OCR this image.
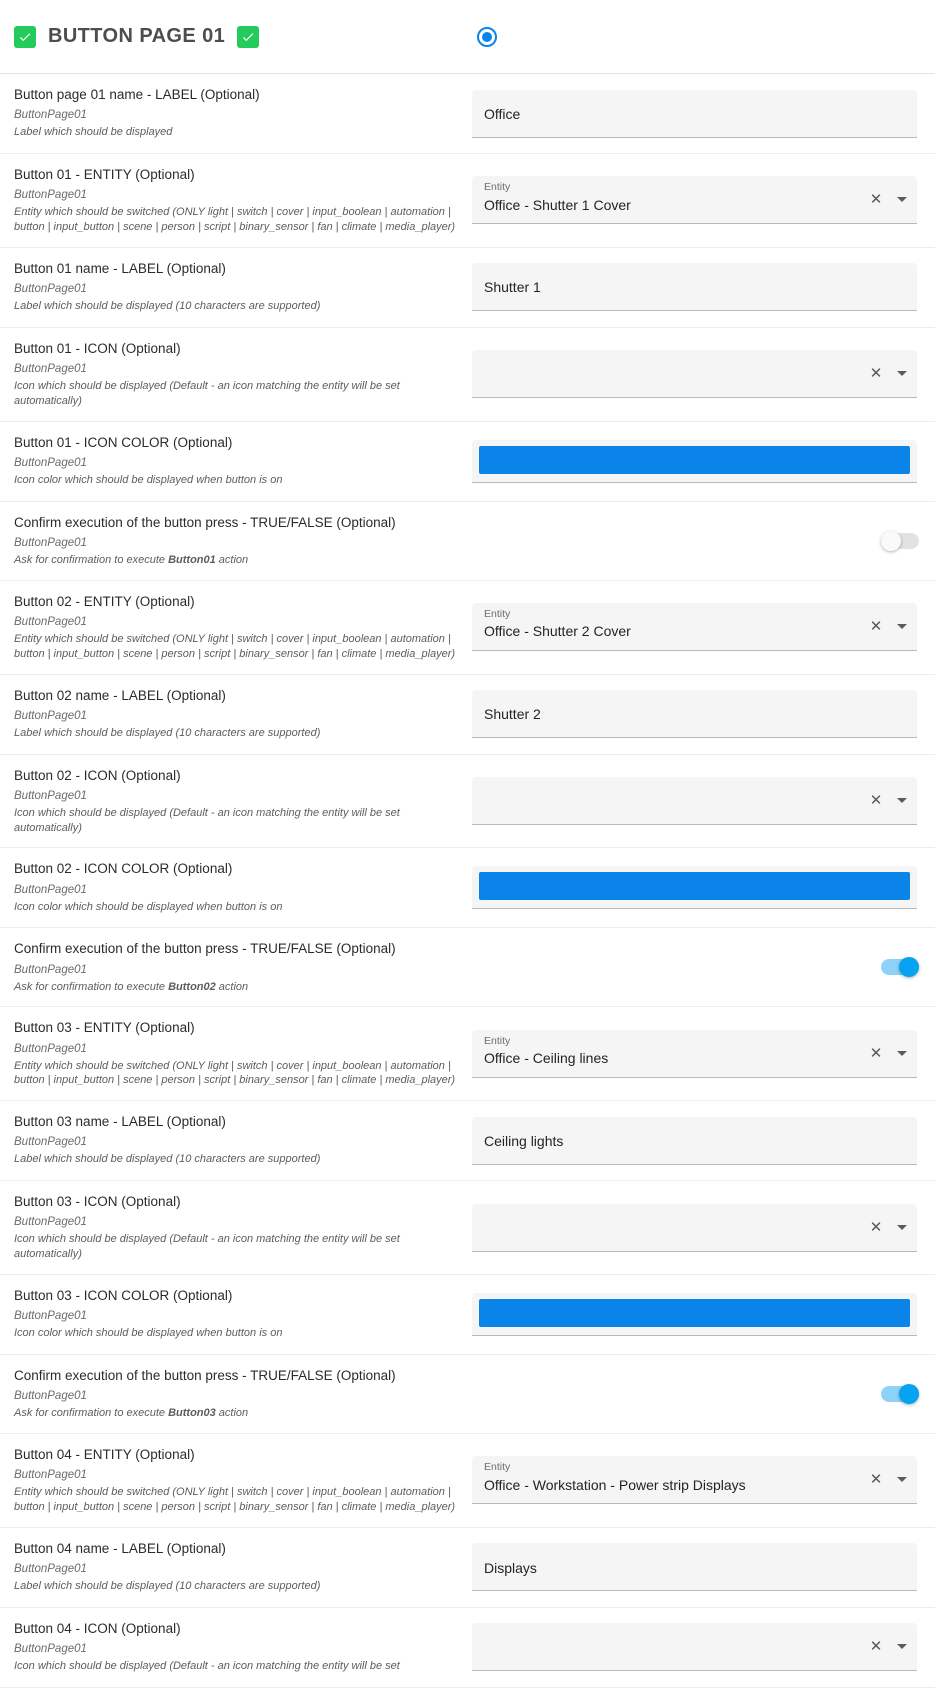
BUTTON PAGE 01
Button page 01 name - LABEL (Optional)
ButtonPage01
Label which should be displayed
Office
Button 01 - ENTITY (Optional)
ButtonPage01
Entity which should be switched (ONLY light | switch | cover | input_boolean | automation | button | input_button | scene | person | script | binary_sensor | fan | climate | media_player)
Entity
Office - Shutter 1 Cover	✕
Button 01 name - LABEL (Optional)
ButtonPage01
Label which should be displayed (10 characters are supported)
Shutter 1
Button 01 - ICON (Optional)
ButtonPage01
Icon which should be displayed (Default - an icon matching the entity will be set automatically)
✕
Button 01 - ICON COLOR (Optional)
ButtonPage01
Icon color which should be displayed when button is on
Confirm execution of the button press - TRUE/FALSE (Optional)
ButtonPage01
Ask for confirmation to execute Button01 action
Button 02 - ENTITY (Optional)
ButtonPage01
Entity which should be switched (ONLY light | switch | cover | input_boolean | automation | button | input_button | scene | person | script | binary_sensor | fan | climate | media_player)
Entity
Office - Shutter 2 Cover	✕
Button 02 name - LABEL (Optional)
ButtonPage01
Label which should be displayed (10 characters are supported)
Shutter 2
Button 02 - ICON (Optional)
ButtonPage01
Icon which should be displayed (Default - an icon matching the entity will be set automatically)
✕
Button 02 - ICON COLOR (Optional)
ButtonPage01
Icon color which should be displayed when button is on
Confirm execution of the button press - TRUE/FALSE (Optional)
ButtonPage01
Ask for confirmation to execute Button02 action
Button 03 - ENTITY (Optional)
ButtonPage01
Entity which should be switched (ONLY light | switch | cover | input_boolean | automation | button | input_button | scene | person | script | binary_sensor | fan | climate | media_player)
Entity
Office - Ceiling lines	✕
Button 03 name - LABEL (Optional)
ButtonPage01
Label which should be displayed (10 characters are supported)
Ceiling lights
Button 03 - ICON (Optional)
ButtonPage01
Icon which should be displayed (Default - an icon matching the entity will be set automatically)
✕
Button 03 - ICON COLOR (Optional)
ButtonPage01
Icon color which should be displayed when button is on
Confirm execution of the button press - TRUE/FALSE (Optional)
ButtonPage01
Ask for confirmation to execute Button03 action
Button 04 - ENTITY (Optional)
ButtonPage01
Entity which should be switched (ONLY light | switch | cover | input_boolean | automation | button | input_button | scene | person | script | binary_sensor | fan | climate | media_player)
Entity
Office - Workstation - Power strip Displays	✕
Button 04 name - LABEL (Optional)
ButtonPage01
Label which should be displayed (10 characters are supported)
Displays
Button 04 - ICON (Optional)
ButtonPage01
Icon which should be displayed (Default - an icon matching the entity will be set
✕
